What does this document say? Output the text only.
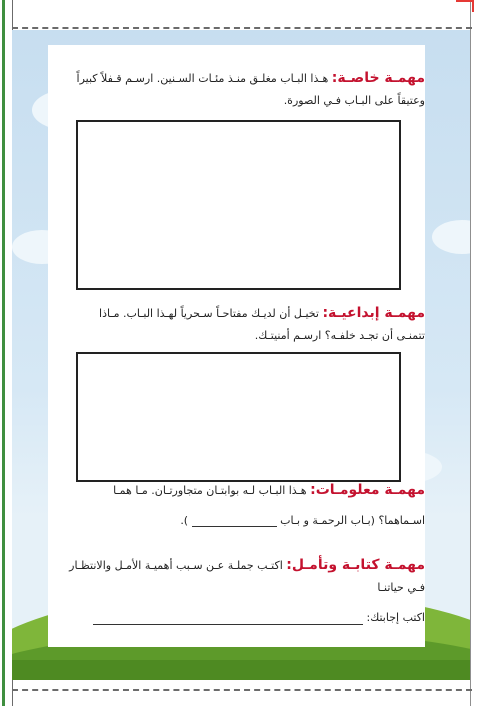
مهمـة خاصـة: هـذا البـاب مغلـق منـذ مئـات السـنين. ارسـم قـفلاً كبيراً
وعتيقاً على البـاب فـي الصورة.
مهمـة إبداعيـة: تخيـل أن لديـك مفتاحـاً سـحرياً لهـذا البـاب. مـاذا
تتمنـى أن تجـد خلفـه؟ ارسـم أمنيتـك.
مهمـة معلومـات: هـذا البـاب لـه بوابتـان متجاورتـان. مـا همـا
اسـماهما؟ (بـاب الرحمـة و بـاب  ).
مهمـة كتابـة وتأمـل: اكتـب جملـة عـن سـبب أهميـة الأمـل والانتظـار
فـي حياتنـا
اكتب إجابتك:
